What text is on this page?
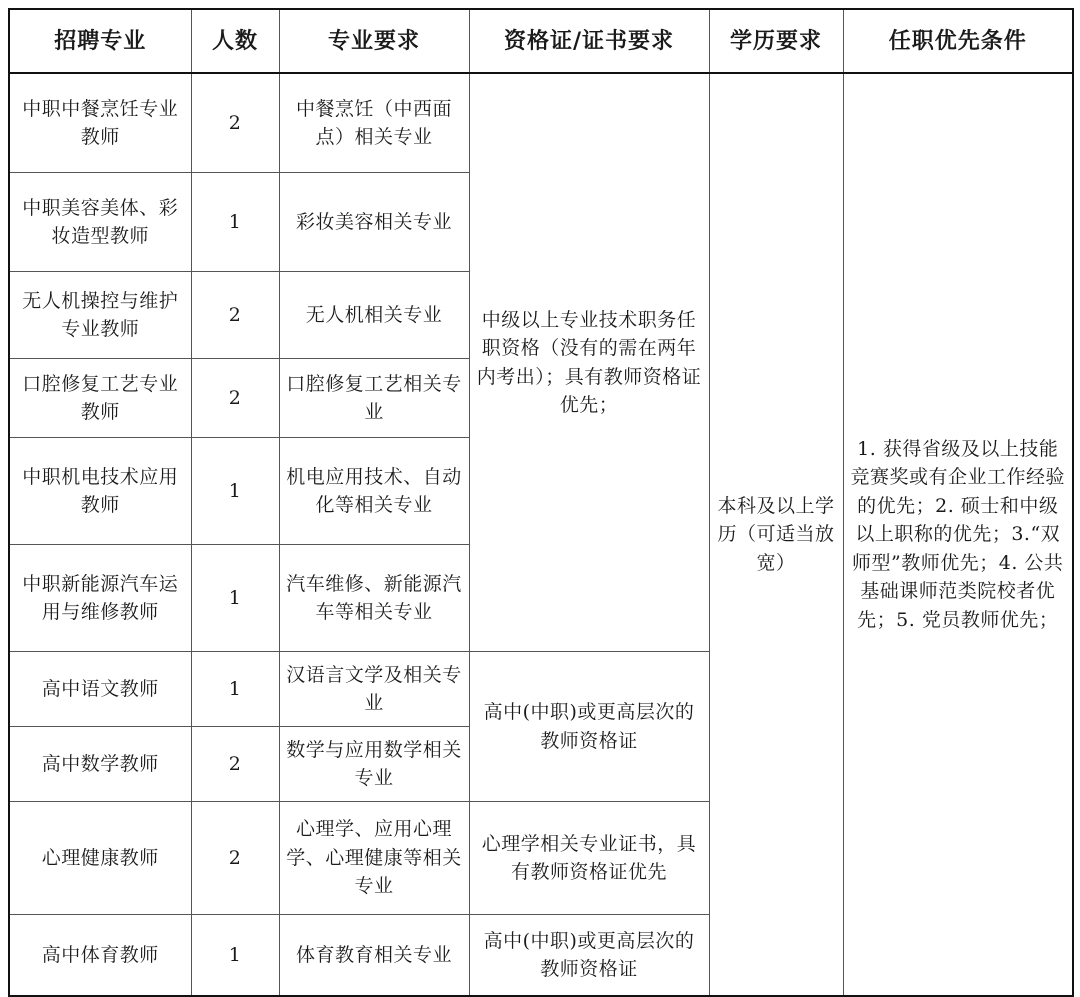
招聘专业	人数	专业要求	资格证/证书要求	学历要求	任职优先条件
中职中餐烹饪专业教师	2	中餐烹饪（中西面点）相关专业	中级以上专业技术职务任职资格（没有的需在两年内考出）；具有教师资格证优先；	本科及以上学历（可适当放宽）	1. 获得省级及以上技能竞赛奖或有企业工作经验的优先；2. 硕士和中级以上职称的优先；3.“双师型”教师优先；4. 公共基础课师范类院校者优先；5. 党员教师优先；
中职美容美体、彩妆造型教师	1	彩妆美容相关专业			
无人机操控与维护专业教师	2	无人机相关专业			
口腔修复工艺专业教师	2	口腔修复工艺相关专业			
中职机电技术应用教师	1	机电应用技术、自动化等相关专业			
中职新能源汽车运用与维修教师	1	汽车维修、新能源汽车等相关专业			
高中语文教师	1	汉语言文学及相关专业	高中(中职)或更高层次的教师资格证		
高中数学教师	2	数学与应用数学相关专业			
心理健康教师	2	心理学、应用心理学、心理健康等相关专业	心理学相关专业证书，具有教师资格证优先		
高中体育教师	1	体育教育相关专业	高中(中职)或更高层次的教师资格证		
